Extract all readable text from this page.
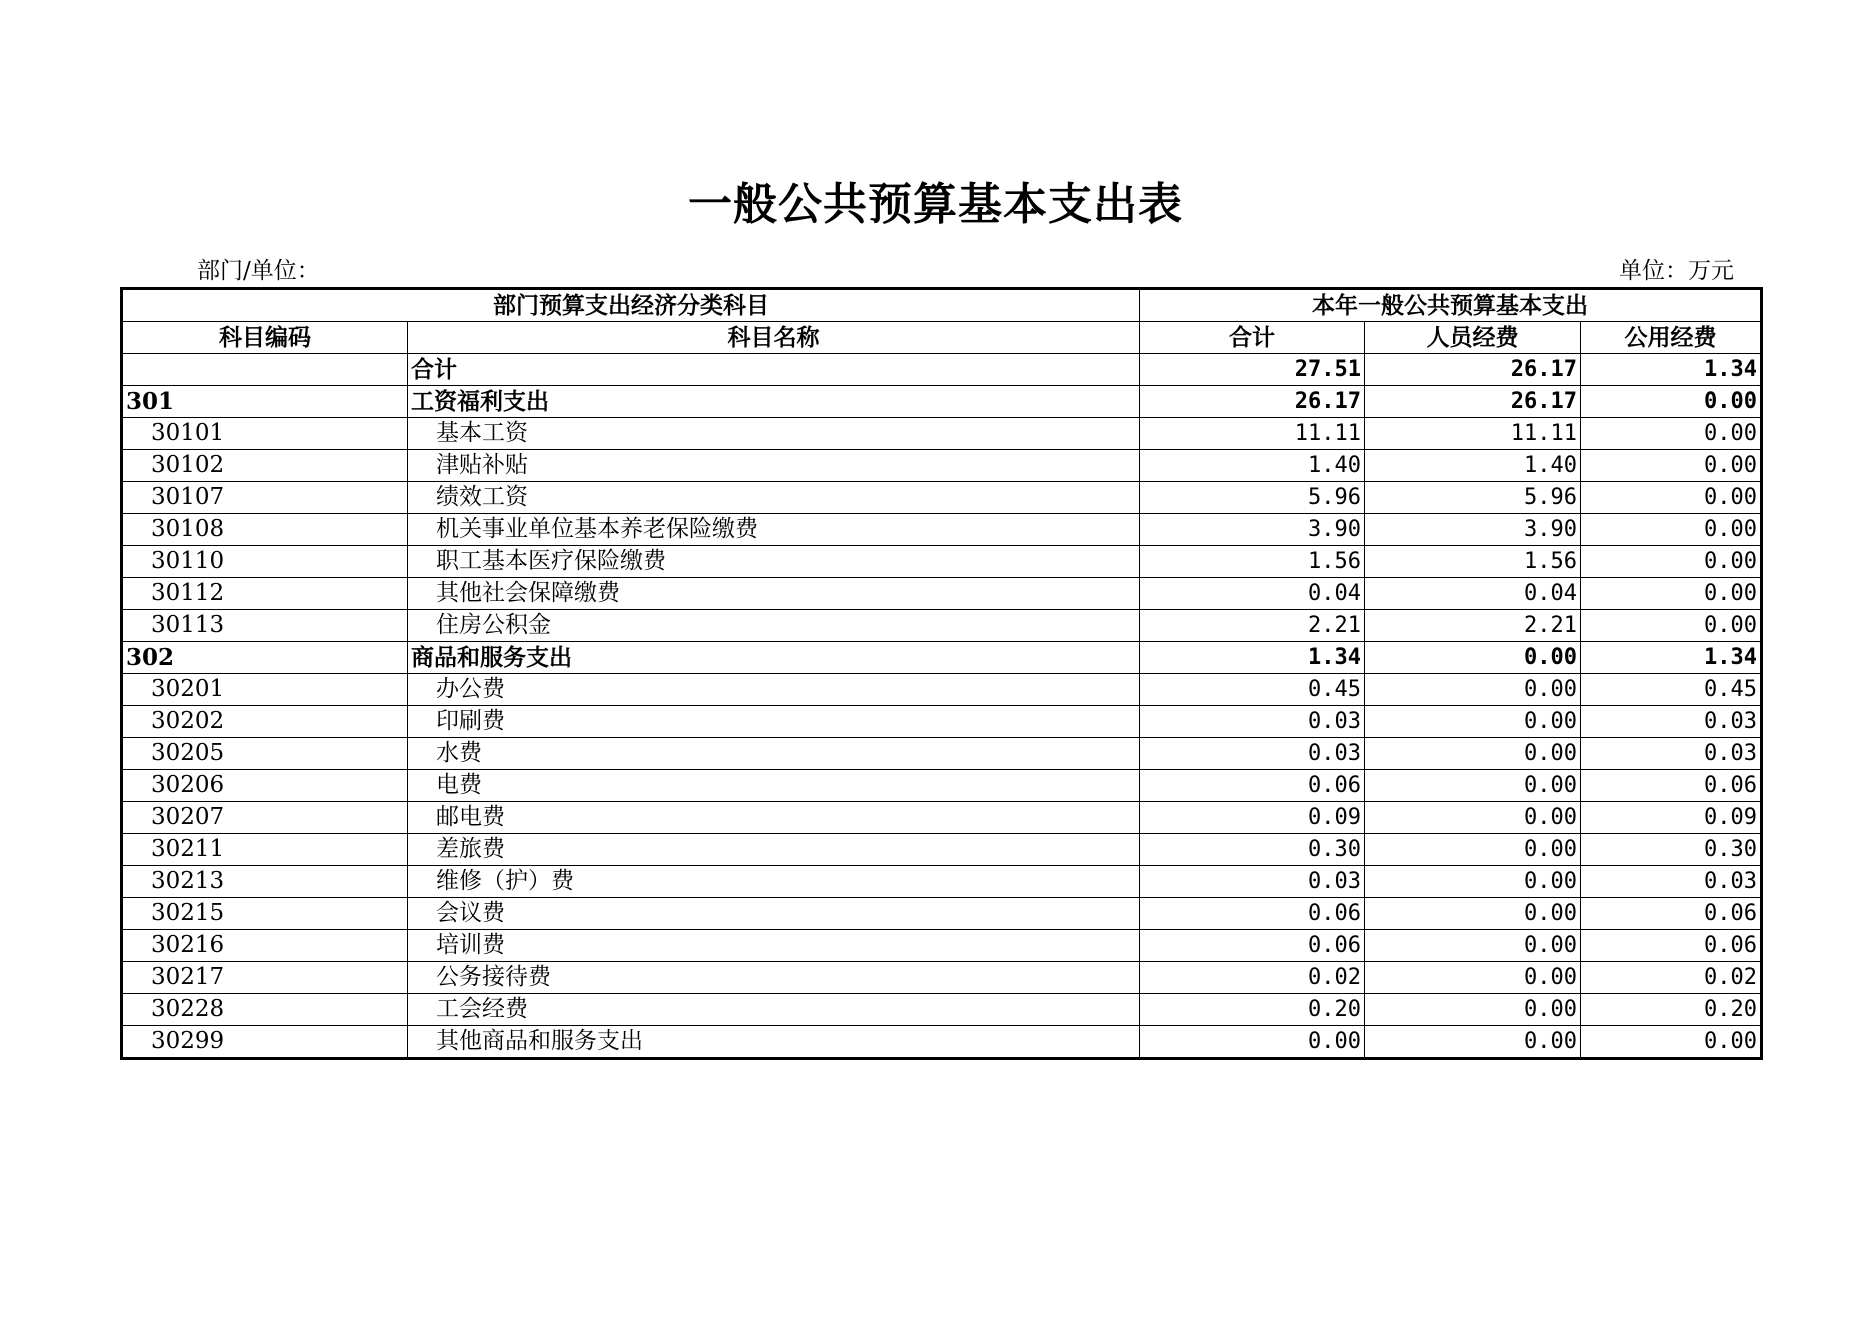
一般公共预算基本支出表
部门/单位：	单位：万元
部门预算支出经济分类科目		本年一般公共预算基本支出		
科目编码	科目名称	合计	人员经费	公用经费
	合计	27.51	26.17	1.34
301	工资福利支出	26.17	26.17	0.00
30101	基本工资	11.11	11.11	0.00
30102	津贴补贴	1.40	1.40	0.00
30107	绩效工资	5.96	5.96	0.00
30108	机关事业单位基本养老保险缴费	3.90	3.90	0.00
30110	职工基本医疗保险缴费	1.56	1.56	0.00
30112	其他社会保障缴费	0.04	0.04	0.00
30113	住房公积金	2.21	2.21	0.00
302	商品和服务支出	1.34	0.00	1.34
30201	办公费	0.45	0.00	0.45
30202	印刷费	0.03	0.00	0.03
30205	水费	0.03	0.00	0.03
30206	电费	0.06	0.00	0.06
30207	邮电费	0.09	0.00	0.09
30211	差旅费	0.30	0.00	0.30
30213	维修（护）费	0.03	0.00	0.03
30215	会议费	0.06	0.00	0.06
30216	培训费	0.06	0.00	0.06
30217	公务接待费	0.02	0.00	0.02
30228	工会经费	0.20	0.00	0.20
30299	其他商品和服务支出	0.00	0.00	0.00
